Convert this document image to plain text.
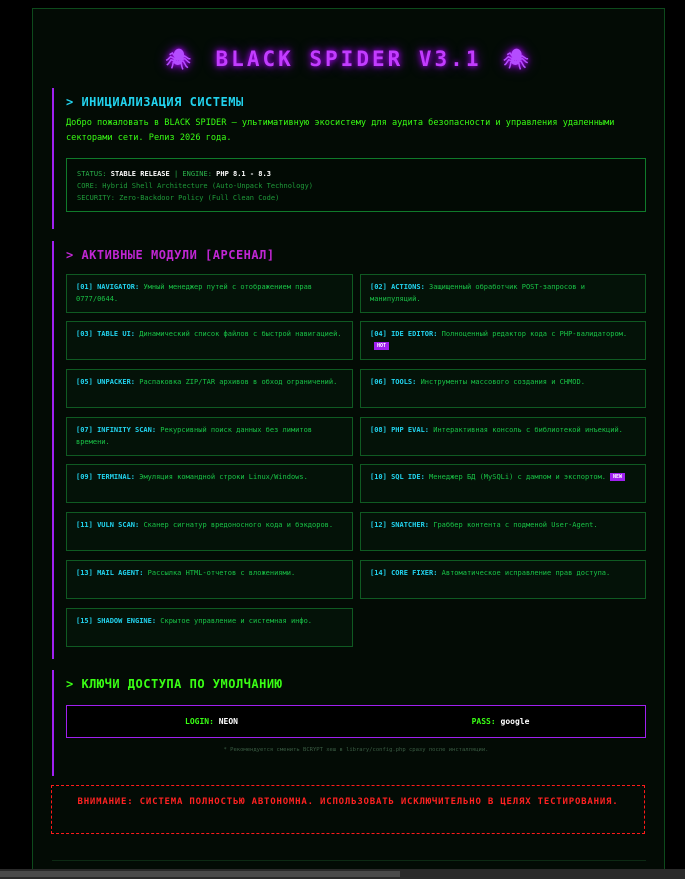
🕷 BLACK SPIDER V3.1 🕷
> ИНИЦИАЛИЗАЦИЯ СИСТЕМЫ
Добро пожаловать в BLACK SPIDER — ультимативную экосистему для аудита безопасности и управления удаленными секторами сети. Релиз 2026 года.
STATUS: STABLE RELEASE | ENGINE: PHP 8.1 - 8.3
CORE: Hybrid Shell Architecture (Auto-Unpack Technology)
SECURITY: Zero-Backdoor Policy (Full Clean Code)
> АКТИВНЫЕ МОДУЛИ [АРСЕНАЛ]
[01] NAVIGATOR: Умный менеджер путей с отображением прав 0777/0644.
[02] ACTIONS: Защищенный обработчик POST-запросов и манипуляций.
[03] TABLE UI: Динамический список файлов с быстрой навигацией.	[04] IDE EDITOR: Полноценный редактор кода с PHP-валидатором.HOT
[05] UNPACKER: Распаковка ZIP/TAR архивов в обход ограничений.	[06] TOOLS: Инструменты массового создания и CHMOD.
[07] INFINITY SCAN: Рекурсивный поиск данных без лимитов времени.
[08] PHP EVAL: Интерактивная консоль с библиотекой инъекций.
[09] TERMINAL: Эмуляция командной строки Linux/Windows.	[10] SQL IDE: Менеджер БД (MySQLi) с дампом и экспортом. NEW
[11] VULN SCAN: Сканер сигнатур вредоносного кода и бэкдоров.	[12] SNATCHER: Граббер контента с подменой User-Agent.
[13] MAIL AGENT: Рассылка HTML-отчетов с вложениями.	[14] CORE FIXER: Автоматическое исправление прав доступа.
[15] SHADOW ENGINE: Скрытое управление и системная инфо.
> КЛЮЧИ ДОСТУПА ПО УМОЛЧАНИЮ
LOGIN: NEON	PASS: google
* Рекомендуется сменить BCRYPT хеш в library/config.php сразу после инсталляции.
ВНИМАНИЕ: СИСТЕМА ПОЛНОСТЬЮ АВТОНОМНА. ИСПОЛЬЗОВАТЬ ИСКЛЮЧИТЕЛЬНО В ЦЕЛЯХ ТЕСТИРОВАНИЯ.
